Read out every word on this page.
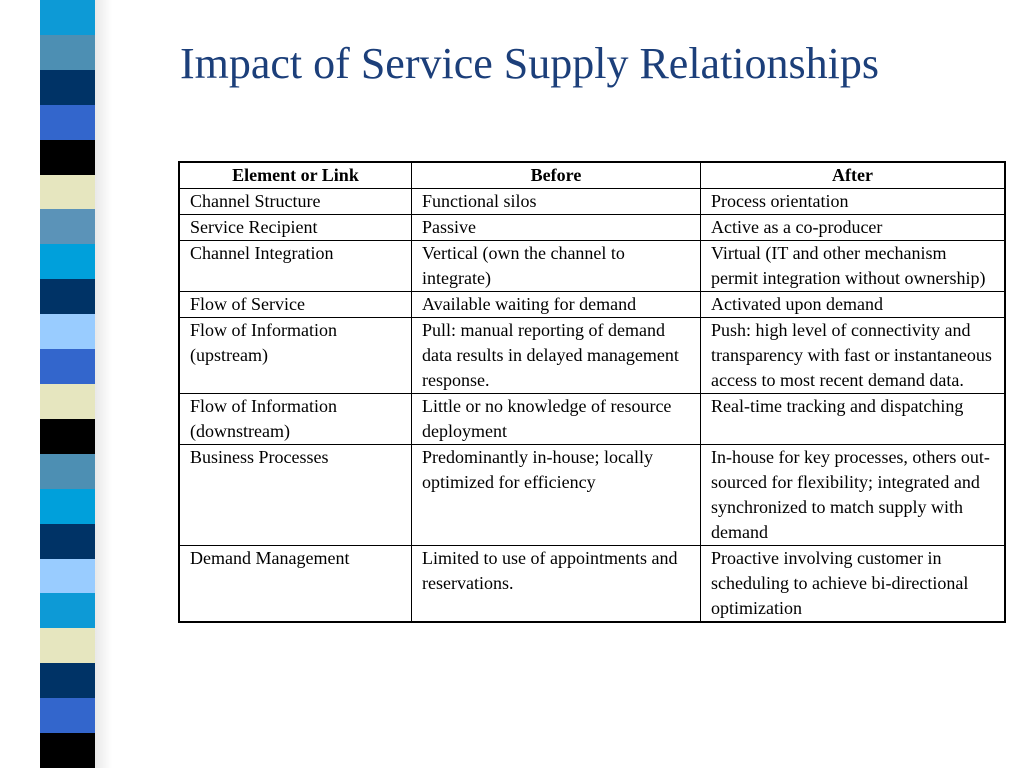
Impact of Service Supply Relationships
Element or Link	Before	After
Channel Structure	Functional silos	Process orientation
Service Recipient	Passive	Active as a co-producer
Channel Integration	Vertical (own the channel to integrate)	Virtual (IT and other mechanism permit integration without ownership)
Flow of Service	Available waiting for demand	Activated upon demand
Flow of Information (upstream)	Pull: manual reporting of demand data results in delayed management response.	Push: high level of connectivity and transparency with fast or instantaneous access to most recent demand data.
Flow of Information (downstream)	Little or no knowledge of resource deployment	Real-time tracking and dispatching
Business Processes	Predominantly in-house; locally optimized for efficiency	In-house for key processes, others out-sourced for flexibility; integrated and synchronized to match supply with demand
Demand Management	Limited to use of appointments and reservations.	Proactive involving customer in scheduling to achieve bi-directional optimization
